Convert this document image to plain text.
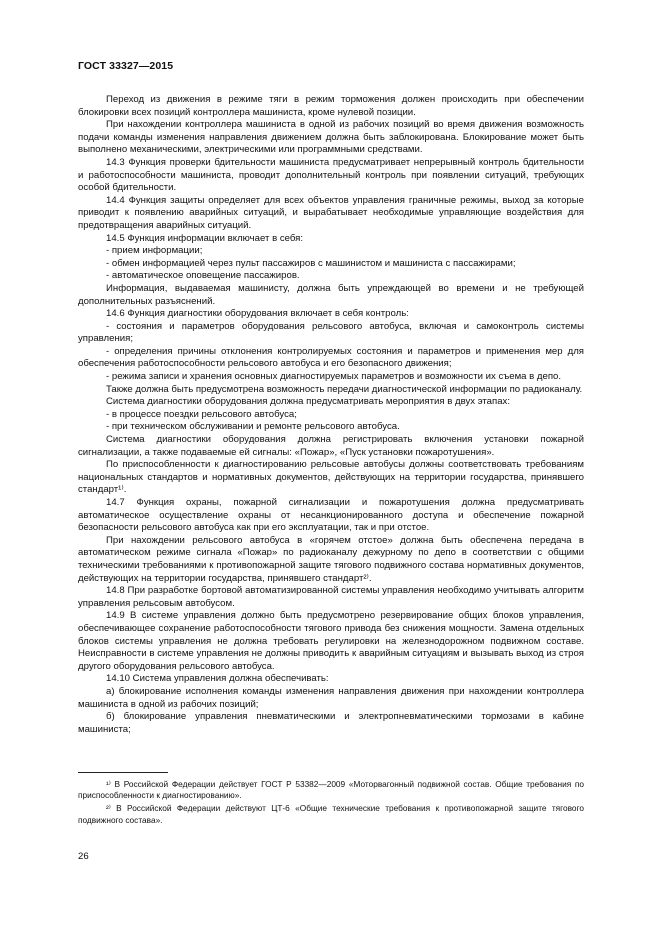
ГОСТ 33327—2015

Переход из движения в режиме тяги в режим торможения должен происходить при обеспечении блокировки всех позиций контроллера машиниста, кроме нулевой позиции.

При нахождении контроллера машиниста в одной из рабочих позиций во время движения возможность подачи команды изменения направления движением должна быть заблокирована. Блокирование может быть выполнено механическими, электрическими или программными средствами.

14.3 Функция проверки бдительности машиниста предусматривает непрерывный контроль бдительности и работоспособности машиниста, проводит дополнительный контроль при появлении ситуаций, требующих особой бдительности.

14.4 Функция защиты определяет для всех объектов управления граничные режимы, выход за которые приводит к появлению аварийных ситуаций, и вырабатывает необходимые управляющие воздействия для предотвращения аварийных ситуаций.

14.5 Функция информации включает в себя:

- прием информации;

- обмен информацией через пульт пассажиров с машинистом и машиниста с пассажирами;

- автоматическое оповещение пассажиров.

Информация, выдаваемая машинисту, должна быть упреждающей во времени и не требующей дополнительных разъяснений.

14.6 Функция диагностики оборудования включает в себя контроль:

- состояния и параметров оборудования рельсового автобуса, включая и самоконтроль системы управления;

- определения причины отклонения контролируемых состояния и параметров и применения мер для обеспечения работоспособности рельсового автобуса и его безопасного движения;

- режима записи и хранения основных диагностируемых параметров и возможности их съема в депо.

Также должна быть предусмотрена возможность передачи диагностической информации по радиоканалу.

Система диагностики оборудования должна предусматривать мероприятия в двух этапах:

- в процессе поездки рельсового автобуса;

- при техническом обслуживании и ремонте рельсового автобуса.

Система диагностики оборудования должна регистрировать включения установки пожарной сигнализации, а также подаваемые ей сигналы: «Пожар», «Пуск установки пожаротушения».

По приспособленности к диагностированию рельсовые автобусы должны соответствовать требованиям национальных стандартов и нормативных документов, действующих на территории государства, принявшего стандарт¹⁾.

14.7 Функция охраны, пожарной сигнализации и пожаротушения должна предусматривать автоматическое осуществление охраны от несанкционированного доступа и обеспечение пожарной безопасности рельсового автобуса как при его эксплуатации, так и при отстое.

При нахождении рельсового автобуса в «горячем отстое» должна быть обеспечена передача в автоматическом режиме сигнала «Пожар» по радиоканалу дежурному по депо в соответствии с общими техническими требованиями к противопожарной защите тягового подвижного состава нормативных документов, действующих на территории государства, принявшего стандарт²⁾.

14.8 При разработке бортовой автоматизированной системы управления необходимо учитывать алгоритм управления рельсовым автобусом.

14.9 В системе управления должно быть предусмотрено резервирование общих блоков управления, обеспечивающее сохранение работоспособности тягового привода без снижения мощности. Замена отдельных блоков системы управления не должна требовать регулировки на железнодорожном подвижном составе. Неисправности в системе управления не должны приводить к аварийным ситуациям и вызывать выход из строя другого оборудования рельсового автобуса.

14.10 Система управления должна обеспечивать:

а) блокирование исполнения команды изменения направления движения при нахождении контроллера машиниста в одной из рабочих позиций;

б) блокирование управления пневматическими и электропневматическими тормозами в кабине машиниста;

¹⁾ В Российской Федерации действует ГОСТ Р 53382—2009 «Моторвагонный подвижной состав. Общие требования по приспособленности к диагностированию».

²⁾ В Российской Федерации действуют ЦТ-6 «Общие технические требования к противопожарной защите тягового подвижного состава».

26
